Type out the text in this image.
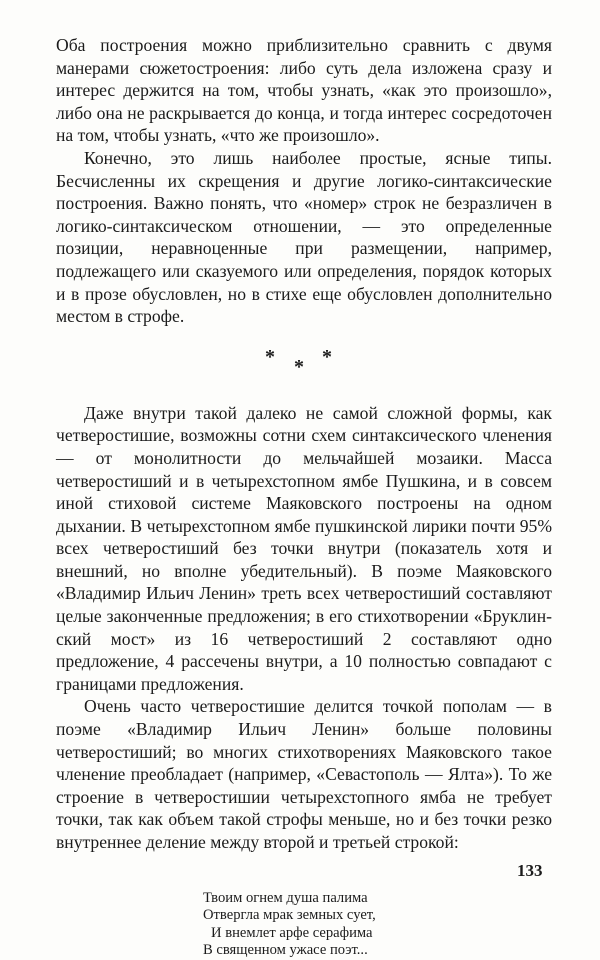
Оба построения можно приблизительно сравнить с двумя манерами сюжетостроения: либо суть дела изложена сразу и интерес держится на том, чтобы узнать, «как это произошло», либо она не раскрывается до конца, и тогда интерес сосредоточен на том, чтобы узнать, «что же произошло».

Конечно, это лишь наиболее простые, ясные типы. Бесчисленны их скрещения и другие логико-синтаксические построения. Важно понять, что «номер» строк не безразличен в логико-синтаксическом отношении, — это определенные позиции, неравноценные при размещении, например, подлежащего или сказуемого или определения, порядок которых и в прозе обусловлен, но в стихе еще обусловлен дополнительно местом в строфе.

* * *

Даже внутри такой далеко не самой сложной формы, как четверостишие, возможны сотни схем синтаксического членения — от монолитности до мельчайшей мозаики. Масса четверостиший и в четырехстопном ямбе Пушкина, и в совсем иной стиховой системе Маяковского построены на одном дыхании. В четырехстопном ямбе пушкинской лирики почти 95% всех четверостиший без точки внутри (показатель хотя и внешний, но вполне убедительный). В поэме Маяковского «Владимир Ильич Ленин» треть всех четверостиший составляют целые законченные предложения; в его стихотворении «Бруклинский мост» из 16 четверостиший 2 составляют одно предложение, 4 рассечены внутри, а 10 полностью совпадают с границами предложения.

Очень часто четверостишие делится точкой пополам — в поэме «Владимир Ильич Ленин» больше половины четверостиший; во многих стихотворениях Маяковского такое членение преобладает (например, «Севастополь — Ялта»). То же строение в четверостишии четырехстопного ямба не требует точки, так как объем такой строфы меньше, но и без точки резко внутреннее деление между второй и третьей строкой:

Твоим огнем душа палима
Отвергла мрак земных сует,
И внемлет арфе серафима
В священном ужасе поэт...
133
